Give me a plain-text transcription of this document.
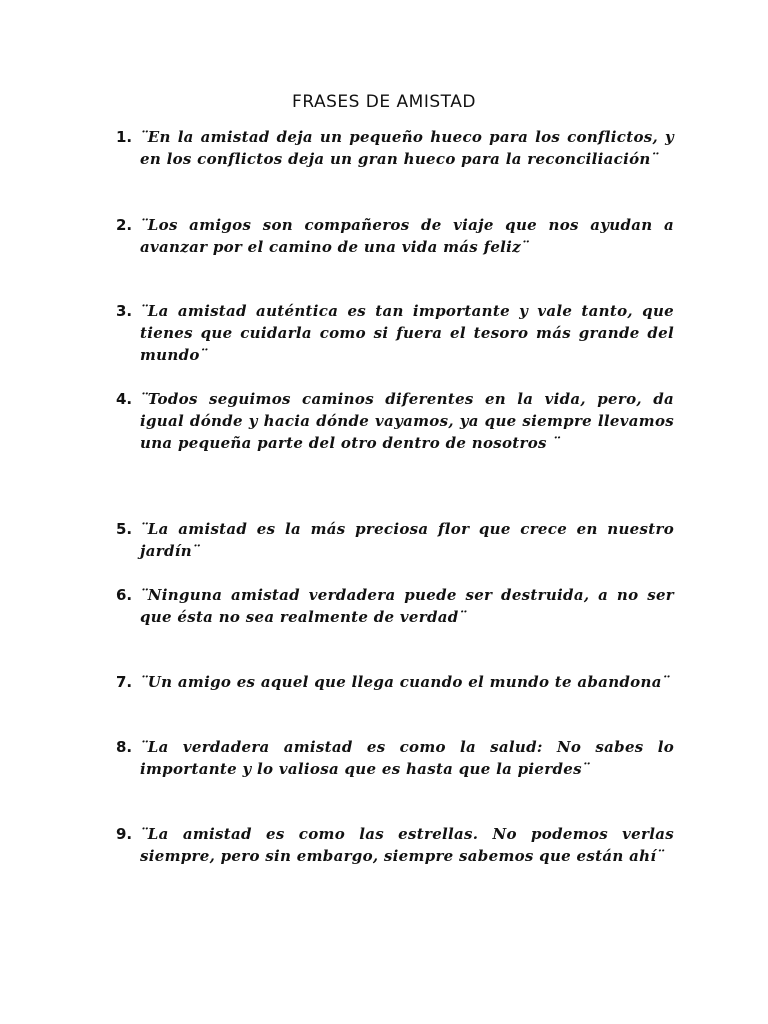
FRASES DE AMISTAD
1. ¨En la amistad deja un pequeño hueco para los conflictos, y en los conflictos deja un gran hueco para la reconciliación¨
2. ¨Los amigos son compañeros de viaje que nos ayudan a avanzar por el camino de una vida más feliz¨
3. ¨La amistad auténtica es tan importante y vale tanto, que tienes que cuidarla como si fuera el tesoro más grande del mundo¨
4. ¨Todos seguimos caminos diferentes en la vida, pero, da igual dónde y hacia dónde vayamos, ya que siempre llevamos una pequeña parte del otro dentro de nosotros ¨
5. ¨La amistad es la más preciosa flor que crece en nuestro jardín¨
6. ¨Ninguna amistad verdadera puede ser destruida, a no ser que ésta no sea realmente de verdad¨
7. ¨Un amigo es aquel que llega cuando el mundo te abandona¨
8. ¨La verdadera amistad es como la salud: No sabes lo importante y lo valiosa que es hasta que la pierdes¨
9. ¨La amistad es como las estrellas. No podemos verlas siempre, pero sin embargo, siempre sabemos que están ahí¨
